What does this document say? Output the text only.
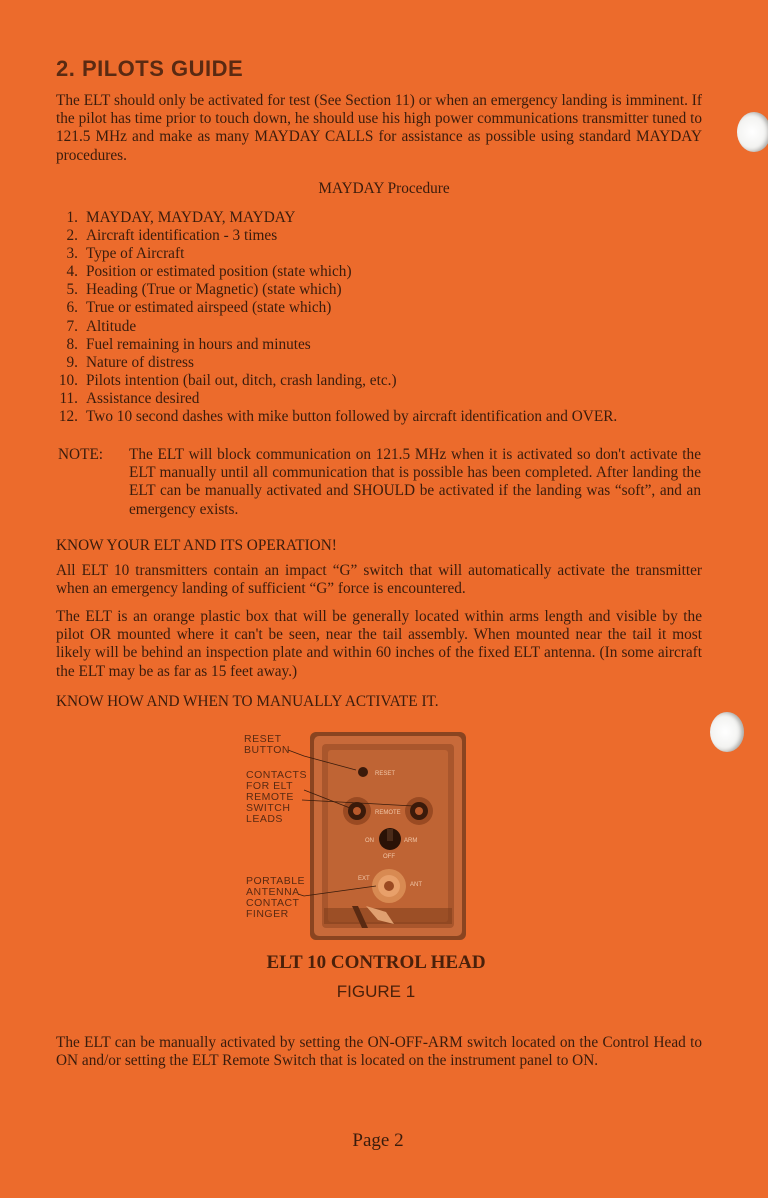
2. PILOTS GUIDE

The ELT should only be activated for test (See Section 11) or when an emergency landing is imminent. If the pilot has time prior to touch down, he should use his high power communications transmitter tuned to 121.5 MHz and make as many MAYDAY CALLS for assistance as possible using standard MAYDAY procedures.

MAYDAY Procedure
1. MAYDAY, MAYDAY, MAYDAY
2. Aircraft identification - 3 times
3. Type of Aircraft
4. Position or estimated position (state which)
5. Heading (True or Magnetic) (state which)
6. True or estimated airspeed (state which)
7. Altitude
8. Fuel remaining in hours and minutes
9. Nature of distress
10. Pilots intention (bail out, ditch, crash landing, etc.)
11. Assistance desired
12. Two 10 second dashes with mike button followed by aircraft identification and OVER.
NOTE: The ELT will block communication on 121.5 MHz when it is activated so don't activate the ELT manually until all communication that is possible has been completed. After landing the ELT can be manually activated and SHOULD be activated if the landing was “soft”, and an emergency exists.

KNOW YOUR ELT AND ITS OPERATION!

All ELT 10 transmitters contain an impact “G” switch that will automatically activate the transmitter when an emergency landing of sufficient “G” force is encountered.

The ELT is an orange plastic box that will be generally located within arms length and visible by the pilot OR mounted where it can't be seen, near the tail assembly. When mounted near the tail it most likely will be behind an inspection plate and within 60 inches of the fixed ELT antenna. (In some aircraft the ELT may be as far as 15 feet away.)

KNOW HOW AND WHEN TO MANUALLY ACTIVATE IT.

RESET
REMOTE
ON	ARM
OFF
EXT
ANT
RESET
BUTTON
CONTACTS
FOR ELT
REMOTE
SWITCH
LEADS
PORTABLE
ANTENNA
CONTACT
FINGER
ELT 10 CONTROL HEAD
FIGURE 1

The ELT can be manually activated by setting the ON-OFF-ARM switch located on the Control Head to ON and/or setting the ELT Remote Switch that is located on the instrument panel to ON.

Page 2
